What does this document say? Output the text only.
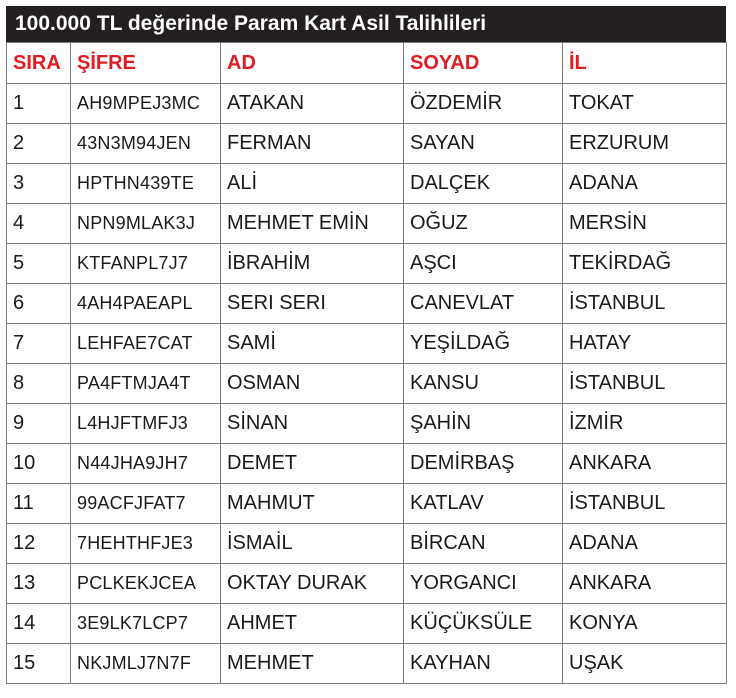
100.000 TL değerinde Param Kart Asil Talihlileri
SIRA	ŞİFRE	AD	SOYAD	İL
1	AH9MPEJ3MC	ATAKAN	ÖZDEMİR	TOKAT
2	43N3M94JEN	FERMAN	SAYAN	ERZURUM
3	HPTHN439TE	ALİ	DALÇEK	ADANA
4	NPN9MLAK3J	MEHMET EMİN	OĞUZ	MERSİN
5	KTFANPL7J7	İBRAHİM	AŞCI	TEKİRDAĞ
6	4AH4PAEAPL	SERI SERI	CANEVLAT	İSTANBUL
7	LEHFAE7CAT	SAMİ	YEŞİLDAĞ	HATAY
8	PA4FTMJA4T	OSMAN	KANSU	İSTANBUL
9	L4HJFTMFJ3	SİNAN	ŞAHİN	İZMİR
10	N44JHA9JH7	DEMET	DEMİRBAŞ	ANKARA
11	99ACFJFAT7	MAHMUT	KATLAV	İSTANBUL
12	7HEHTHFJE3	İSMAİL	BİRCAN	ADANA
13	PCLKEKJCEA	OKTAY DURAK	YORGANCI	ANKARA
14	3E9LK7LCP7	AHMET	KÜÇÜKSÜLE	KONYA
15	NKJMLJ7N7F	MEHMET	KAYHAN	UŞAK
